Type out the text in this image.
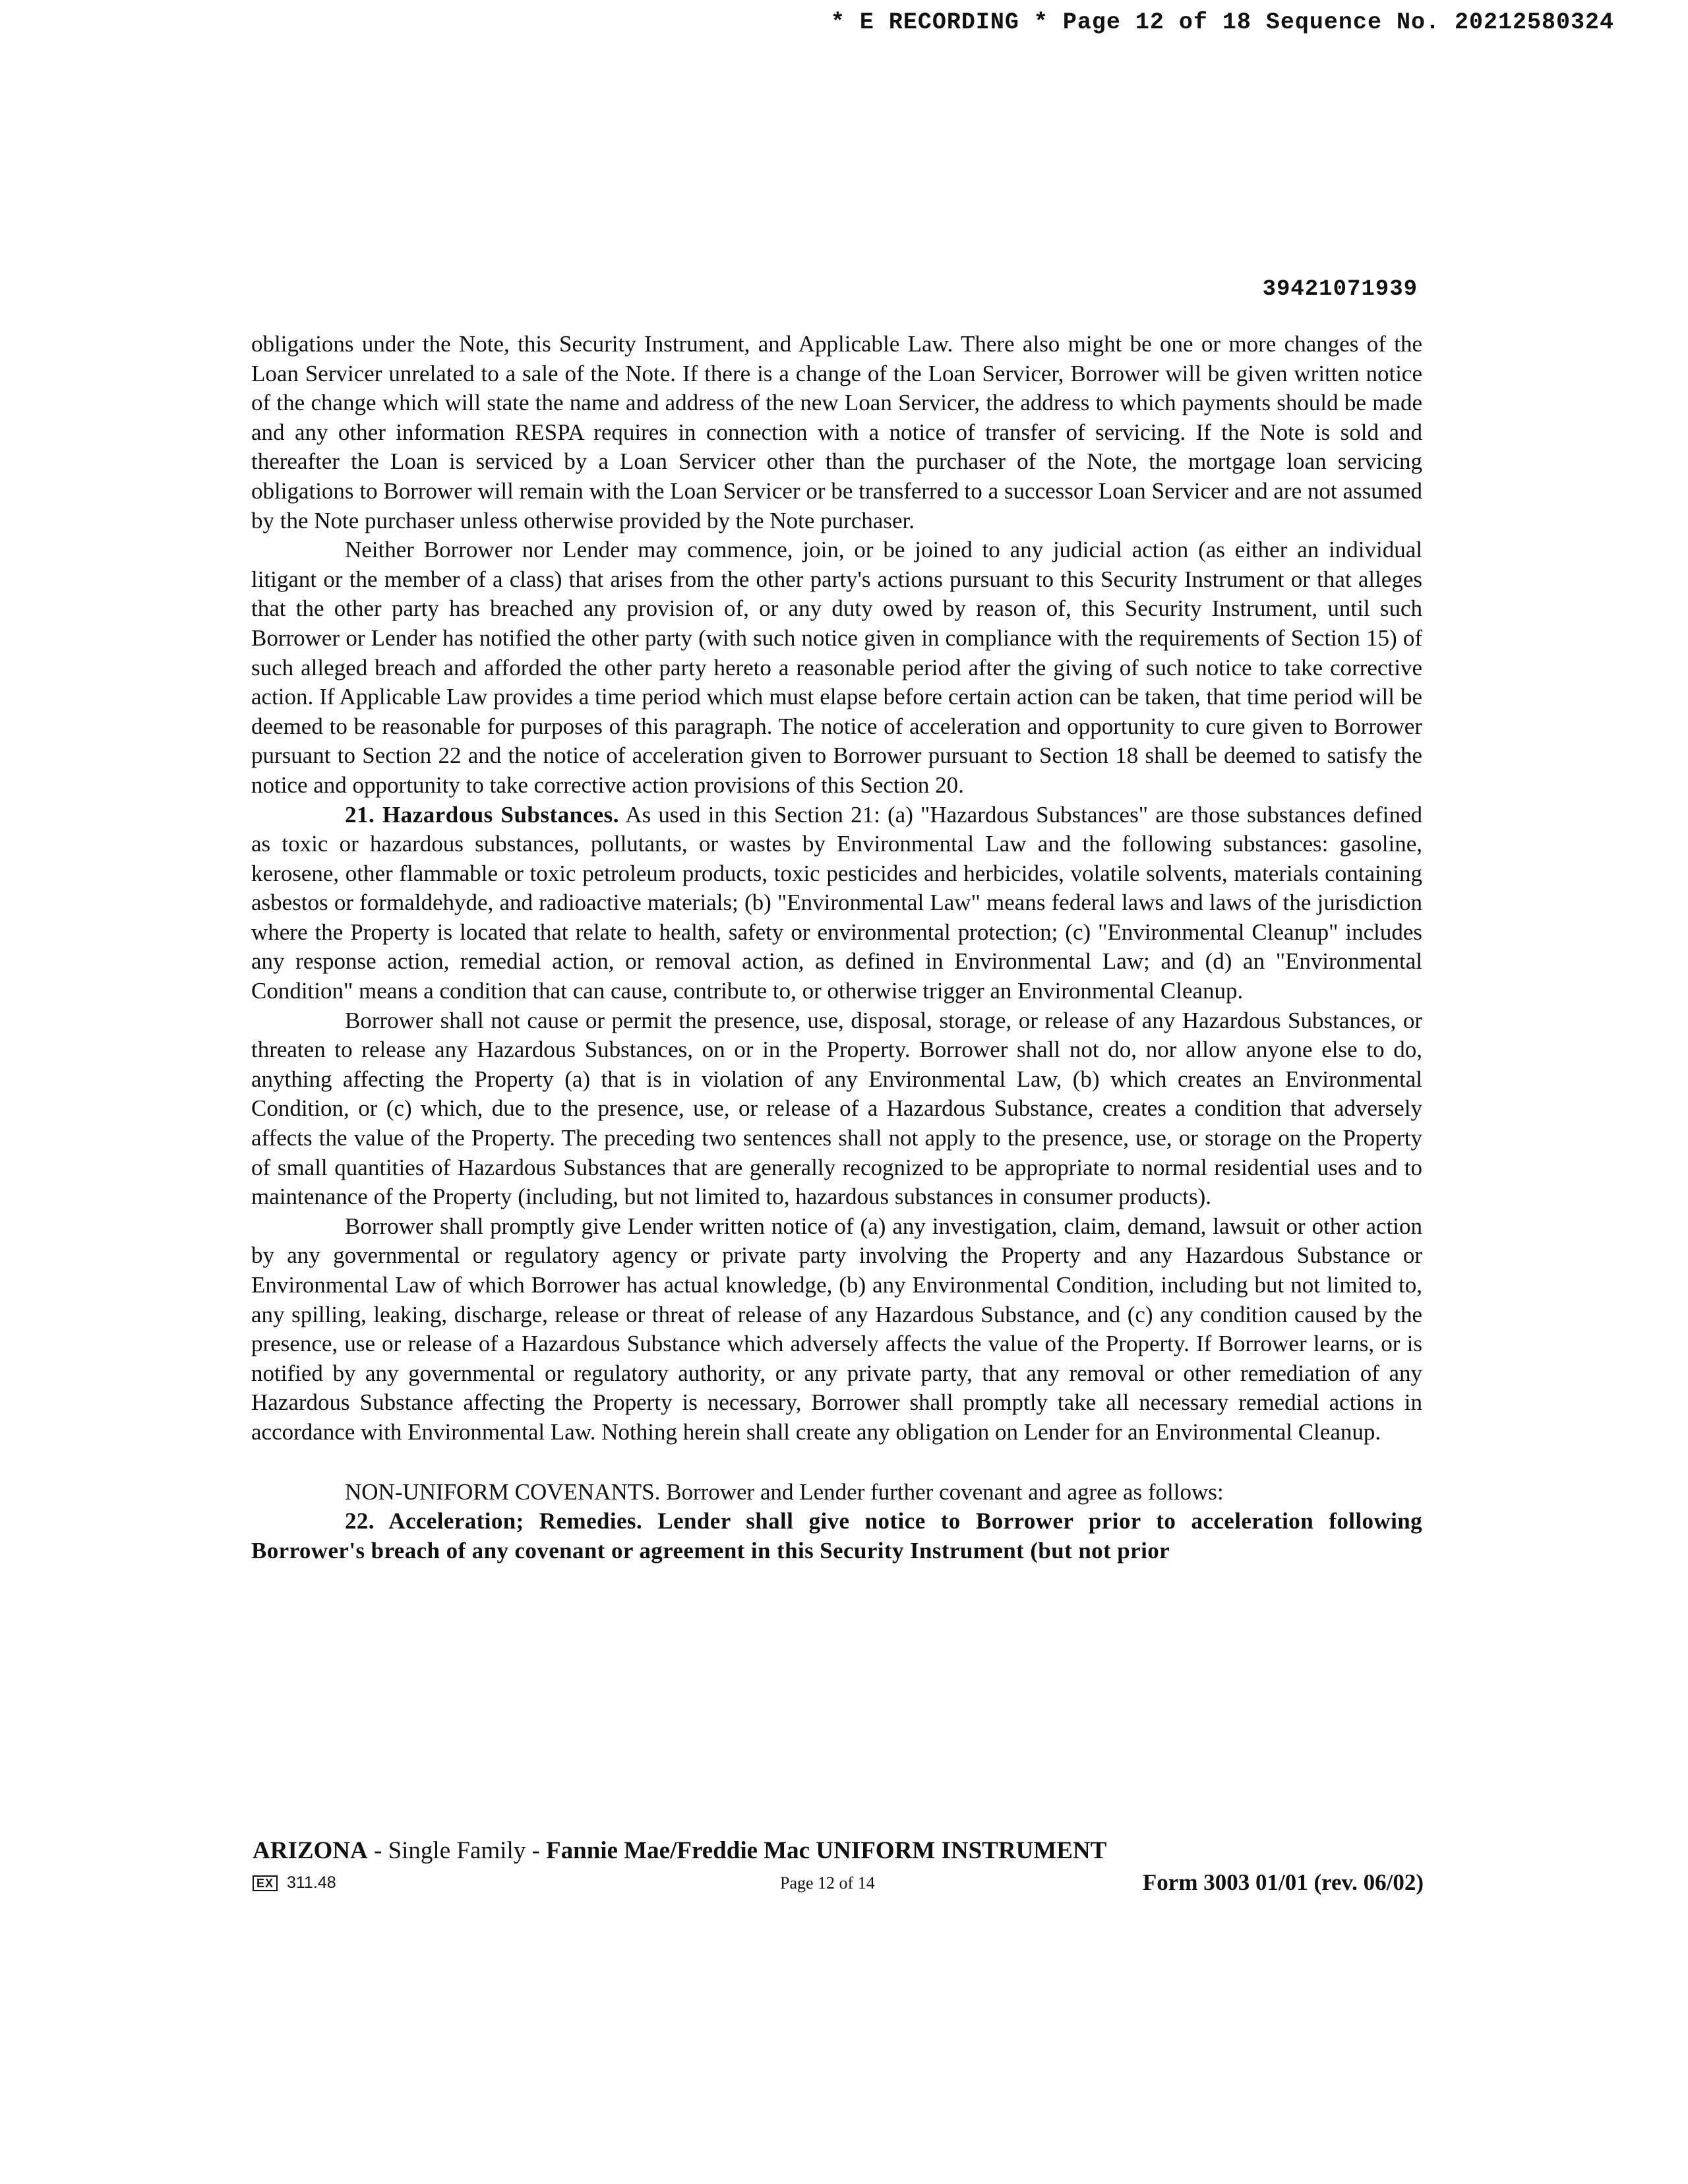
* E RECORDING * Page 12 of 18 Sequence No. 20212580324
39421071939

obligations under the Note, this Security Instrument, and Applicable Law. There also might be one or more changes of the Loan Servicer unrelated to a sale of the Note. If there is a change of the Loan Servicer, Borrower will be given written notice of the change which will state the name and address of the new Loan Servicer, the address to which payments should be made and any other information RESPA requires in connection with a notice of transfer of servicing. If the Note is sold and thereafter the Loan is serviced by a Loan Servicer other than the purchaser of the Note, the mortgage loan servicing obligations to Borrower will remain with the Loan Servicer or be transferred to a successor Loan Servicer and are not assumed by the Note purchaser unless otherwise provided by the Note purchaser.

Neither Borrower nor Lender may commence, join, or be joined to any judicial action (as either an individual litigant or the member of a class) that arises from the other party's actions pursuant to this Security Instrument or that alleges that the other party has breached any provision of, or any duty owed by reason of, this Security Instrument, until such Borrower or Lender has notified the other party (with such notice given in compliance with the requirements of Section 15) of such alleged breach and afforded the other party hereto a reasonable period after the giving of such notice to take corrective action. If Applicable Law provides a time period which must elapse before certain action can be taken, that time period will be deemed to be reasonable for purposes of this paragraph. The notice of acceleration and opportunity to cure given to Borrower pursuant to Section 22 and the notice of acceleration given to Borrower pursuant to Section 18 shall be deemed to satisfy the notice and opportunity to take corrective action provisions of this Section 20.

21. Hazardous Substances. As used in this Section 21: (a) "Hazardous Substances" are those substances defined as toxic or hazardous substances, pollutants, or wastes by Environmental Law and the following substances: gasoline, kerosene, other flammable or toxic petroleum products, toxic pesticides and herbicides, volatile solvents, materials containing asbestos or formaldehyde, and radioactive materials; (b) "Environmental Law" means federal laws and laws of the jurisdiction where the Property is located that relate to health, safety or environmental protection; (c) "Environmental Cleanup" includes any response action, remedial action, or removal action, as defined in Environmental Law; and (d) an "Environmental Condition" means a condition that can cause, contribute to, or otherwise trigger an Environmental Cleanup.

Borrower shall not cause or permit the presence, use, disposal, storage, or release of any Hazardous Substances, or threaten to release any Hazardous Substances, on or in the Property. Borrower shall not do, nor allow anyone else to do, anything affecting the Property (a) that is in violation of any Environmental Law, (b) which creates an Environmental Condition, or (c) which, due to the presence, use, or release of a Hazardous Substance, creates a condition that adversely affects the value of the Property. The preceding two sentences shall not apply to the presence, use, or storage on the Property of small quantities of Hazardous Substances that are generally recognized to be appropriate to normal residential uses and to maintenance of the Property (including, but not limited to, hazardous substances in consumer products).

Borrower shall promptly give Lender written notice of (a) any investigation, claim, demand, lawsuit or other action by any governmental or regulatory agency or private party involving the Property and any Hazardous Substance or Environmental Law of which Borrower has actual knowledge, (b) any Environmental Condition, including but not limited to, any spilling, leaking, discharge, release or threat of release of any Hazardous Substance, and (c) any condition caused by the presence, use or release of a Hazardous Substance which adversely affects the value of the Property. If Borrower learns, or is notified by any governmental or regulatory authority, or any private party, that any removal or other remediation of any Hazardous Substance affecting the Property is necessary, Borrower shall promptly take all necessary remedial actions in accordance with Environmental Law. Nothing herein shall create any obligation on Lender for an Environmental Cleanup.

NON-UNIFORM COVENANTS. Borrower and Lender further covenant and agree as follows:

22. Acceleration; Remedies. Lender shall give notice to Borrower prior to acceleration following Borrower's breach of any covenant or agreement in this Security Instrument (but not prior

ARIZONA - Single Family - Fannie Mae/Freddie Mac UNIFORM INSTRUMENT
EX 311.48	Page 12 of 14	Form 3003 01/01 (rev. 06/02)
